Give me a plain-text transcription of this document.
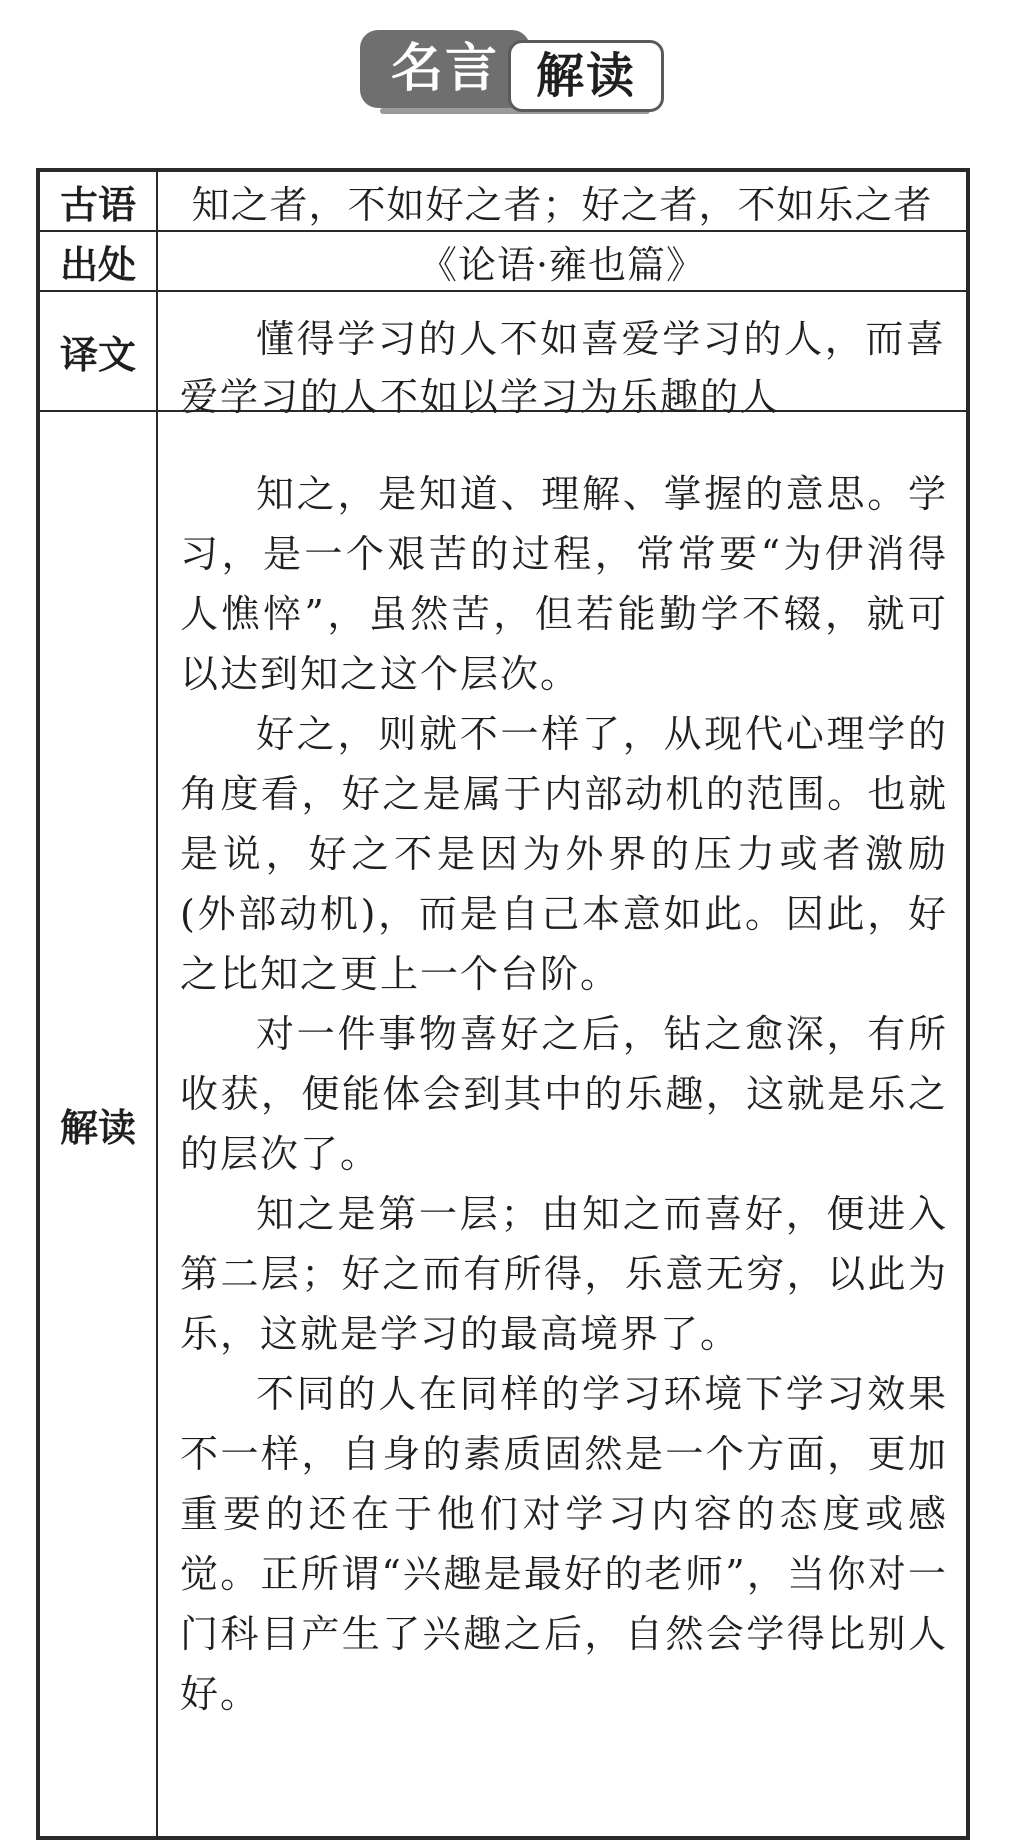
名言 解读
古语	知之者，不如好之者；好之者，不如乐之者
出处	《论语·雍也篇》
译文	懂得学习的人不如喜爱学习的人，而喜爱学习的人不如以学习为乐趣的人

解读

知之，是知道、理解、掌握的意思。学习，是一个艰苦的过程，常常要“为伊消得人憔悴”，虽然苦，但若能勤学不辍，就可以达到知之这个层次。

好之，则就不一样了，从现代心理学的角度看，好之是属于内部动机的范围。也就是说，好之不是因为外界的压力或者激励(外部动机)，而是自己本意如此。因此，好之比知之更上一个台阶。

对一件事物喜好之后，钻之愈深，有所收获，便能体会到其中的乐趣，这就是乐之的层次了。

知之是第一层；由知之而喜好，便进入第二层；好之而有所得，乐意无穷，以此为乐，这就是学习的最高境界了。

不同的人在同样的学习环境下学习效果不一样，自身的素质固然是一个方面，更加重要的还在于他们对学习内容的态度或感觉。正所谓“兴趣是最好的老师”，当你对一门科目产生了兴趣之后，自然会学得比别人好。
